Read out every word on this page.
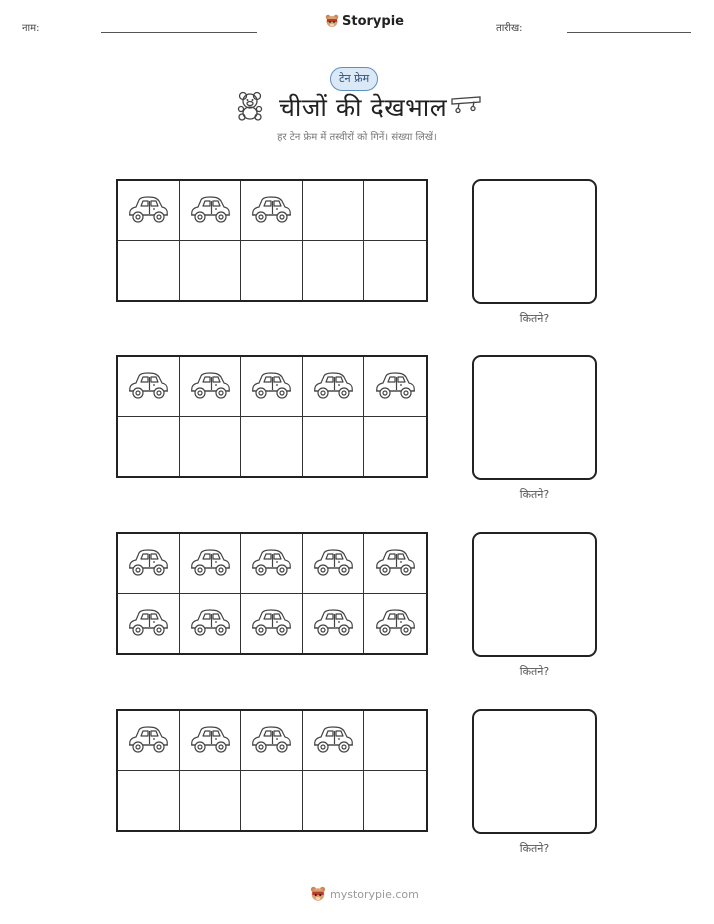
नाम:	Storypie	तारीख:
टेन फ्रेम
चीजों की देखभाल
हर टेन फ्रेम में तस्वीरों को गिनें। संख्या लिखें।
कितने?
कितने?
कितने?
कितने?
mystorypie.com
